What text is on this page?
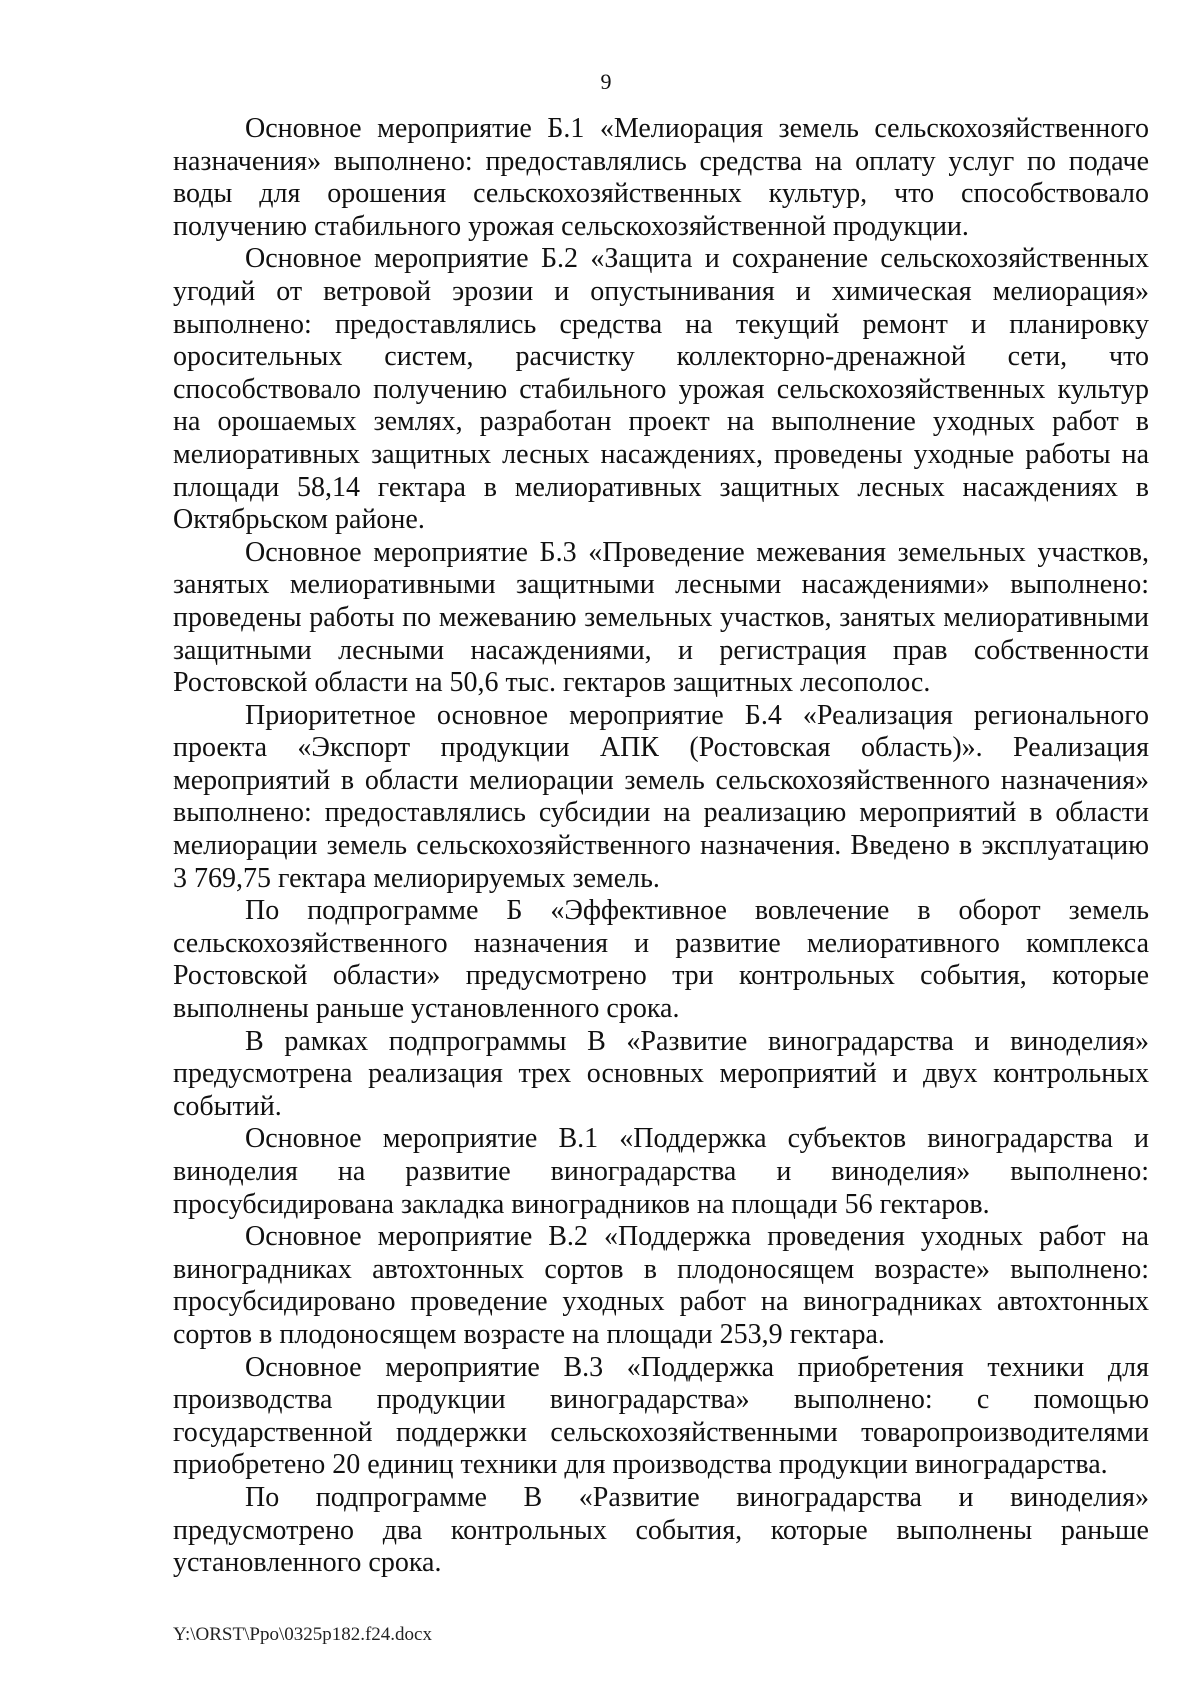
9

Основное мероприятие Б.1 «Мелиорация земель сельскохозяйственного назначения» выполнено: предоставлялись средства на оплату услуг по подаче воды для орошения сельскохозяйственных культур, что способствовало получению стабильного урожая сельскохозяйственной продукции.

Основное мероприятие Б.2 «Защита и сохранение сельскохозяйственных угодий от ветровой эрозии и опустынивания и химическая мелиорация» выполнено: предоставлялись средства на текущий ремонт и планировку оросительных систем, расчистку коллекторно-дренажной сети, что способствовало получению стабильного урожая сельскохозяйственных культур на орошаемых землях, разработан проект на выполнение уходных работ в мелиоративных защитных лесных насаждениях, проведены уходные работы на площади 58,14 гектара в мелиоративных защитных лесных насаждениях в Октябрьском районе.

Основное мероприятие Б.3 «Проведение межевания земельных участков, занятых мелиоративными защитными лесными насаждениями» выполнено: проведены работы по межеванию земельных участков, занятых мелиоративными защитными лесными насаждениями, и регистрация прав собственности Ростовской области на 50,6 тыс. гектаров защитных лесополос.

Приоритетное основное мероприятие Б.4 «Реализация регионального проекта «Экспорт продукции АПК (Ростовская область)». Реализация мероприятий в области мелиорации земель сельскохозяйственного назначения» выполнено: предоставлялись субсидии на реализацию мероприятий в области мелиорации земель сельскохозяйственного назначения. Введено в эксплуатацию 3 769,75 гектара мелиорируемых земель.

По подпрограмме Б «Эффективное вовлечение в оборот земель сельскохозяйственного назначения и развитие мелиоративного комплекса Ростовской области» предусмотрено три контрольных события, которые выполнены раньше установленного срока.

В рамках подпрограммы В «Развитие виноградарства и виноделия» предусмотрена реализация трех основных мероприятий и двух контрольных событий.

Основное мероприятие В.1 «Поддержка субъектов виноградарства и виноделия на развитие виноградарства и виноделия» выполнено: просубсидирована закладка виноградников на площади 56 гектаров.

Основное мероприятие В.2 «Поддержка проведения уходных работ на виноградниках автохтонных сортов в плодоносящем возрасте» выполнено: просубсидировано проведение уходных работ на виноградниках автохтонных сортов в плодоносящем возрасте на площади 253,9 гектара.

Основное мероприятие В.3 «Поддержка приобретения техники для производства продукции виноградарства» выполнено: с помощью государственной поддержки сельскохозяйственными товаропроизводителями приобретено 20 единиц техники для производства продукции виноградарства.

По подпрограмме В «Развитие виноградарства и виноделия» предусмотрено два контрольных события, которые выполнены раньше установленного срока.

Y:\ORST\Ppo\0325p182.f24.docx
